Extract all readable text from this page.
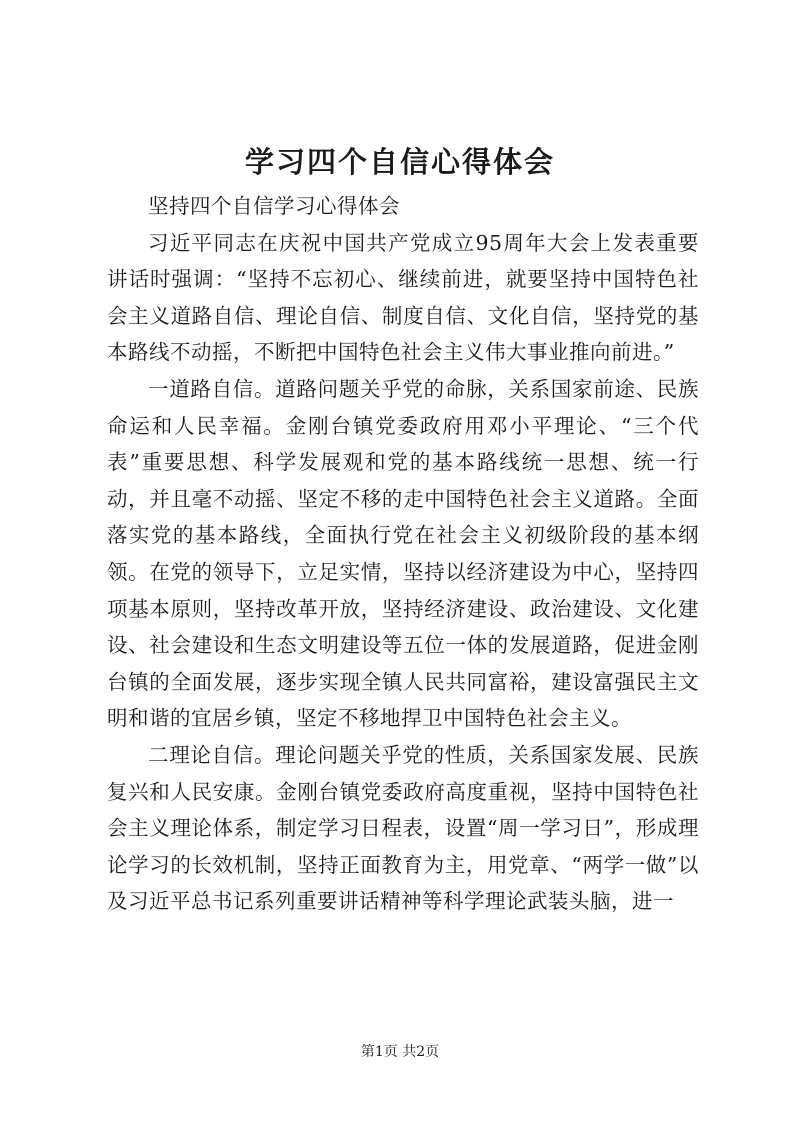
学习四个自信心得体会

坚持四个自信学习心得体会

习近平同志在庆祝中国共产党成立95周年大会上发表重要讲话时强调：“坚持不忘初心、继续前进，就要坚持中国特色社会主义道路自信、理论自信、制度自信、文化自信，坚持党的基本路线不动摇，不断把中国特色社会主义伟大事业推向前进。”

一道路自信。道路问题关乎党的命脉，关系国家前途、民族命运和人民幸福。金刚台镇党委政府用邓小平理论、“三个代表”重要思想、科学发展观和党的基本路线统一思想、统一行动，并且毫不动摇、坚定不移的走中国特色社会主义道路。全面落实党的基本路线，全面执行党在社会主义初级阶段的基本纲领。在党的领导下，立足实情，坚持以经济建设为中心，坚持四项基本原则，坚持改革开放，坚持经济建设、政治建设、文化建设、社会建设和生态文明建设等五位一体的发展道路，促进金刚台镇的全面发展，逐步实现全镇人民共同富裕，建设富强民主文明和谐的宜居乡镇，坚定不移地捍卫中国特色社会主义。

二理论自信。理论问题关乎党的性质，关系国家发展、民族复兴和人民安康。金刚台镇党委政府高度重视，坚持中国特色社会主义理论体系，制定学习日程表，设置“周一学习日”，形成理论学习的长效机制，坚持正面教育为主，用党章、“两学一做”以及习近平总书记系列重要讲话精神等科学理论武装头脑，进一

第1页 共2页
